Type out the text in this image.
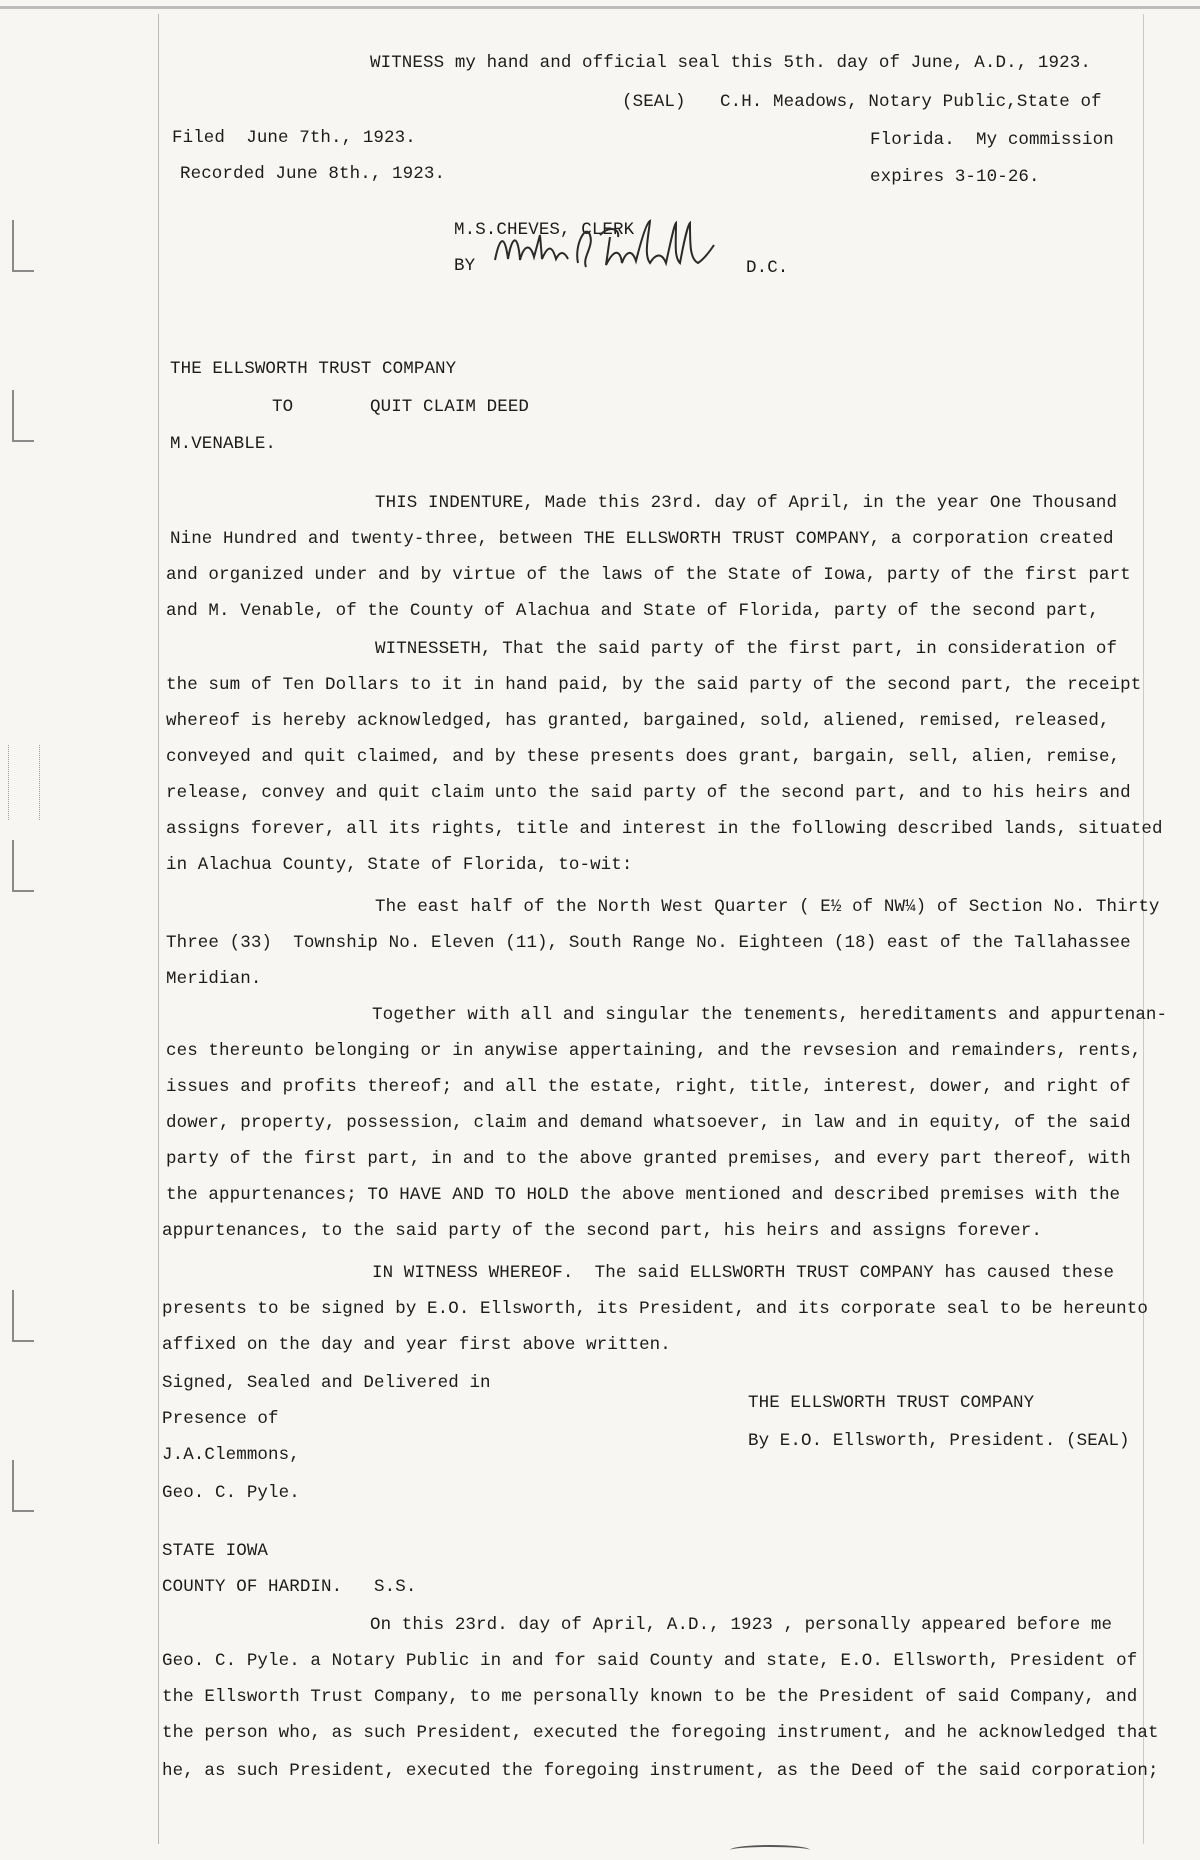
WITNESS my hand and official seal this 5th. day of June, A.D., 1923.
(SEAL) C.H. Meadows, Notary Public,State of
Filed  June 7th., 1923.	Florida.  My commission
Recorded June 8th., 1923.	expires 3-10-26.
M.S.CHEVES, CLERK
BY	D.C.
THE ELLSWORTH TRUST COMPANY
TO	QUIT CLAIM DEED
M.VENABLE.
THIS INDENTURE, Made this 23rd. day of April, in the year One Thousand
Nine Hundred and twenty-three, between THE ELLSWORTH TRUST COMPANY, a corporation created
and organized under and by virtue of the laws of the State of Iowa, party of the first part
and M. Venable, of the County of Alachua and State of Florida, party of the second part,
WITNESSETH, That the said party of the first part, in consideration of
the sum of Ten Dollars to it in hand paid, by the said party of the second part, the receipt
whereof is hereby acknowledged, has granted, bargained, sold, aliened, remised, released,
conveyed and quit claimed, and by these presents does grant, bargain, sell, alien, remise,
release, convey and quit claim unto the said party of the second part, and to his heirs and
assigns forever, all its rights, title and interest in the following described lands, situated
in Alachua County, State of Florida, to-wit:
The east half of the North West Quarter ( E½ of NW¼) of Section No. Thirty
Three (33)  Township No. Eleven (11), South Range No. Eighteen (18) east of the Tallahassee
Meridian.
Together with all and singular the tenements, hereditaments and appurtenan-
ces thereunto belonging or in anywise appertaining, and the revsesion and remainders, rents,
issues and profits thereof; and all the estate, right, title, interest, dower, and right of
dower, property, possession, claim and demand whatsoever, in law and in equity, of the said
party of the first part, in and to the above granted premises, and every part thereof, with
the appurtenances; TO HAVE AND TO HOLD the above mentioned and described premises with the
appurtenances, to the said party of the second part, his heirs and assigns forever.
IN WITNESS WHEREOF.  The said ELLSWORTH TRUST COMPANY has caused these
presents to be signed by E.O. Ellsworth, its President, and its corporate seal to be hereunto
affixed on the day and year first above written.
Signed, Sealed and Delivered in
THE ELLSWORTH TRUST COMPANY
Presence of
By E.O. Ellsworth, President. (SEAL)
J.A.Clemmons,
Geo. C. Pyle.
STATE IOWA
COUNTY OF HARDIN.   S.S.
On this 23rd. day of April, A.D., 1923 , personally appeared before me
Geo. C. Pyle. a Notary Public in and for said County and state, E.O. Ellsworth, President of
the Ellsworth Trust Company, to me personally known to be the President of said Company, and
the person who, as such President, executed the foregoing instrument, and he acknowledged that
he, as such President, executed the foregoing instrument, as the Deed of the said corporation;
